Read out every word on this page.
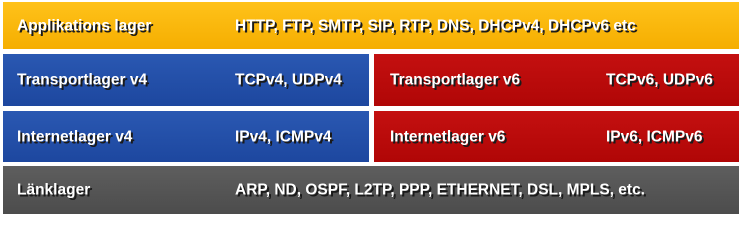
Applikations lager	HTTP, FTP, SMTP, SIP, RTP, DNS, DHCPv4, DHCPv6 etc
Transportlager v4	TCPv4, UDPv4	Transportlager v6	TCPv6, UDPv6
Internetlager v4	IPv4, ICMPv4	Internetlager v6	IPv6, ICMPv6
Länklager	ARP, ND, OSPF, L2TP, PPP, ETHERNET, DSL, MPLS, etc.
